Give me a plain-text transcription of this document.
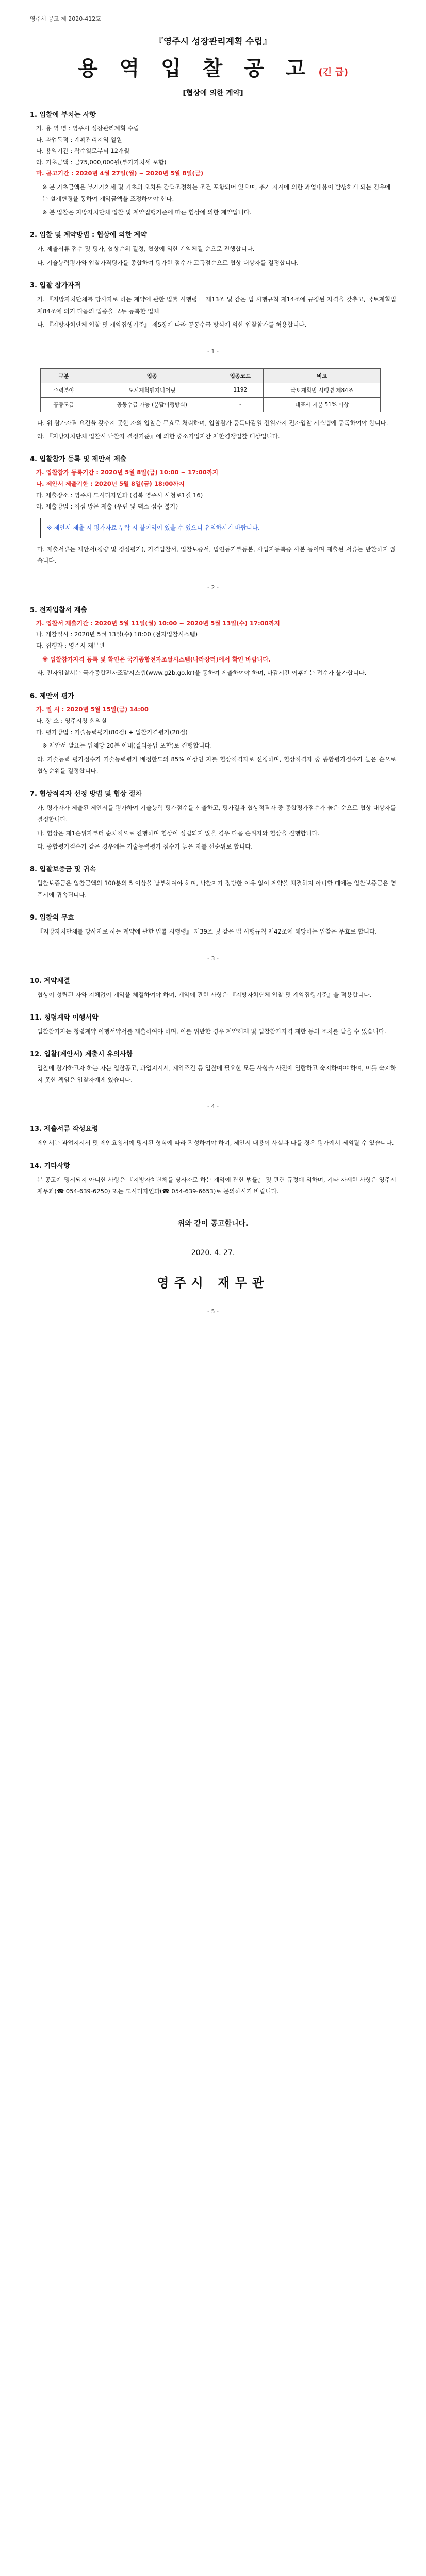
영주시 공고 제 2020-412호
『영주시 성장관리계획 수립』
용 역 입 찰 공 고 (긴 급)
[협상에 의한 계약]
1. 입찰에 부치는 사항
가. 용 역 명 : 영주시 성장관리계획 수립
나. 과업목적 : 계획관리지역 일원
다. 용역기간 : 착수일로부터 12개월
라. 기초금액 : 금75,000,000원(부가가치세 포함)
마. 공고기간 : 2020년 4월 27일(월) ~ 2020년 5월 8일(금)
※ 본 기초금액은 부가가치세 및 기초의 오차를 감액조정하는 조건 포함되어 있으며, 추가 지시에 의한 과업내용이 발생하게 되는 경우에는 설계변경을 통하여 계약금액을 조정하여야 한다.
※ 본 입찰은 지방자치단체 입찰 및 계약집행기준에 따른 협상에 의한 계약입니다.
2. 입찰 및 계약방법 : 협상에 의한 계약
가. 제출서류 접수 및 평가, 협상순위 결정, 협상에 의한 계약체결 순으로 진행합니다.
나. 기술능력평가와 입찰가격평가를 종합하여 평가한 점수가 고득점순으로 협상 대상자를 결정합니다.
3. 입찰 참가자격
가. 『지방자치단체를 당사자로 하는 계약에 관한 법률 시행령』 제13조 및 같은 법 시행규칙 제14조에 규정된 자격을 갖추고, 국토계획법 제84조에 의거 다음의 업종을 모두 등록한 업체
나. 『지방자치단체 입찰 및 계약집행기준』 제5장에 따라 공동수급 방식에 의한 입찰참가를 허용합니다.
- 1 -
구분	업종	업종코드	비고
주력분야	도시계획엔지니어링	1192	국토계획법 시행령 제84조
공동도급	공동수급 가능 (분담이행방식)	-	대표사 지분 51% 이상
다. 위 참가자격 요건을 갖추지 못한 자의 입찰은 무효로 처리하며, 입찰참가 등록마감일 전일까지 전자입찰 시스템에 등록하여야 합니다.
라. 『지방자치단체 입찰시 낙찰자 결정기준』에 의한 중소기업자간 제한경쟁입찰 대상입니다.
4. 입찰참가 등록 및 제안서 제출
가. 입찰참가 등록기간 : 2020년 5월 8일(금) 10:00 ~ 17:00까지
나. 제안서 제출기한 : 2020년 5월 8일(금) 18:00까지
다. 제출장소 : 영주시 도시디자인과 (경북 영주시 시청로1길 16)
라. 제출방법 : 직접 방문 제출 (우편 및 팩스 접수 불가)
※ 제안서 제출 시 평가자료 누락 시 불이익이 있을 수 있으니 유의하시기 바랍니다.
마. 제출서류는 제안서(정량 및 정성평가), 가격입찰서, 입찰보증서, 법인등기부등본, 사업자등록증 사본 등이며 제출된 서류는 반환하지 않습니다.
- 2 -
5. 전자입찰서 제출
가. 입찰서 제출기간 : 2020년 5월 11일(월) 10:00 ~ 2020년 5월 13일(수) 17:00까지
나. 개찰일시 : 2020년 5월 13일(수) 18:00 (전자입찰시스템)
다. 집행자 : 영주시 재무관
※ 입찰참가자격 등록 및 확인은 국가종합전자조달시스템(나라장터)에서 확인 바랍니다.
라. 전자입찰서는 국가종합전자조달시스템(www.g2b.go.kr)을 통하여 제출하여야 하며, 마감시간 이후에는 접수가 불가합니다.
6. 제안서 평가
가. 일 시 : 2020년 5월 15일(금) 14:00
나. 장 소 : 영주시청 회의실
다. 평가방법 : 기술능력평가(80점) + 입찰가격평가(20점)
※ 제안서 발표는 업체당 20분 이내(질의응답 포함)로 진행합니다.
라. 기술능력 평가점수가 기술능력평가 배점한도의 85% 이상인 자를 협상적격자로 선정하며, 협상적격자 중 종합평가점수가 높은 순으로 협상순위를 결정합니다.
7. 협상적격자 선정 방법 및 협상 절차
가. 평가자가 제출된 제안서를 평가하여 기술능력 평가점수를 산출하고, 평가결과 협상적격자 중 종합평가점수가 높은 순으로 협상 대상자를 결정합니다.
나. 협상은 제1순위자부터 순차적으로 진행하며 협상이 성립되지 않을 경우 다음 순위자와 협상을 진행합니다.
다. 종합평가점수가 같은 경우에는 기술능력평가 점수가 높은 자를 선순위로 합니다.
8. 입찰보증금 및 귀속
입찰보증금은 입찰금액의 100분의 5 이상을 납부하여야 하며, 낙찰자가 정당한 이유 없이 계약을 체결하지 아니할 때에는 입찰보증금은 영주시에 귀속됩니다.
9. 입찰의 무효
『지방자치단체를 당사자로 하는 계약에 관한 법률 시행령』 제39조 및 같은 법 시행규칙 제42조에 해당하는 입찰은 무효로 합니다.
- 3 -
10. 계약체결
협상이 성립된 자와 지체없이 계약을 체결하여야 하며, 계약에 관한 사항은 『지방자치단체 입찰 및 계약집행기준』을 적용합니다.
11. 청렴계약 이행서약
입찰참가자는 청렴계약 이행서약서를 제출하여야 하며, 이를 위반한 경우 계약해제 및 입찰참가자격 제한 등의 조치를 받을 수 있습니다.
12. 입찰(제안서) 제출시 유의사항
입찰에 참가하고자 하는 자는 입찰공고, 과업지시서, 계약조건 등 입찰에 필요한 모든 사항을 사전에 열람하고 숙지하여야 하며, 이를 숙지하지 못한 책임은 입찰자에게 있습니다.
- 4 -
13. 제출서류 작성요령
제안서는 과업지시서 및 제안요청서에 명시된 형식에 따라 작성하여야 하며, 제안서 내용이 사실과 다를 경우 평가에서 제외될 수 있습니다.
14. 기타사항
본 공고에 명시되지 아니한 사항은 『지방자치단체를 당사자로 하는 계약에 관한 법률』 및 관련 규정에 의하며, 기타 자세한 사항은 영주시 재무과(☎ 054-639-6250) 또는 도시디자인과(☎ 054-639-6653)로 문의하시기 바랍니다.
위와 같이 공고합니다.
2020. 4. 27.
영주시 재무관
- 5 -
